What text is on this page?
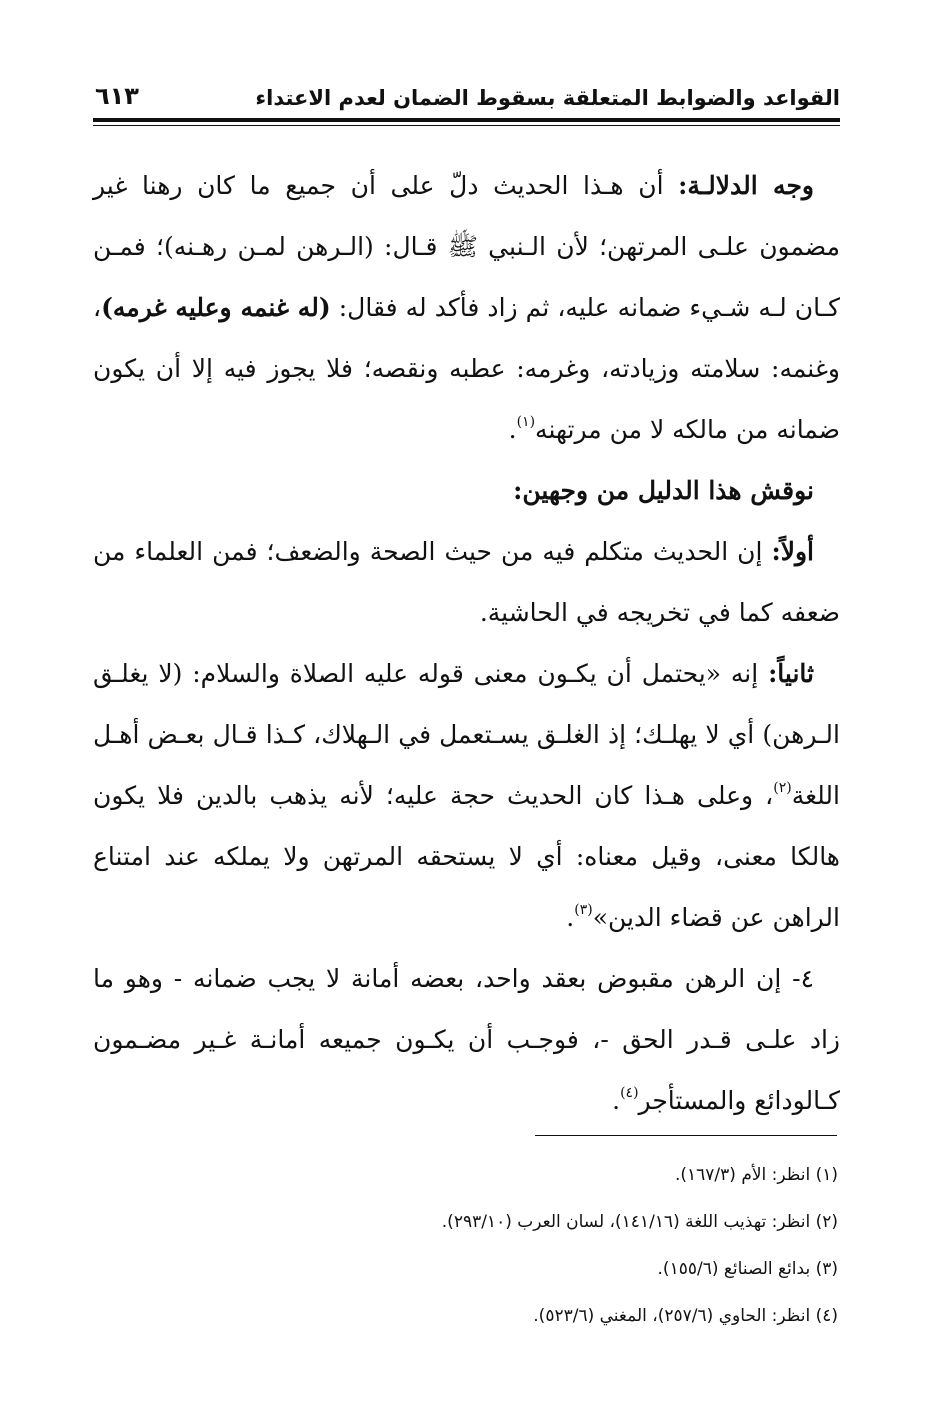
القواعد والضوابط المتعلقة بسقوط الضمان لعدم الاعتداء
٦١٣

وجه الدلالـة: أن هـذا الحديث دلّ على أن جميع ما كان رهنا غير مضمون علـى المرتهن؛ لأن الـنبي ﷺ قـال: (الـرهن لمـن رهـنه)؛ فمـن كـان لـه شـيء ضمانه عليه، ثم زاد فأكد له فقال: (له غنمه وعليه غرمه)، وغنمه: سلامته وزيادته، وغرمه: عطبه ونقصه؛ فلا يجوز فيه إلا أن يكون ضمانه من مالكه لا من مرتهنه$^{(١)}$.

نوقش هذا الدليل من وجهين:

أولاً: إن الحديث متكلم فيه من حيث الصحة والضعف؛ فمن العلماء من ضعفه كما في تخريجه في الحاشية.

ثانياً: إنه «يحتمل أن يكـون معنى قوله عليه الصلاة والسلام: (لا يغلـق الـرهن) أي لا يهلـك؛ إذ الغلـق يسـتعمل في الـهلاك، كـذا قـال بعـض أهـل اللغة$^{(٢)}$، وعلى هـذا كان الحديث حجة عليه؛ لأنه يذهب بالدين فلا يكون هالكا معنى، وقيل معناه: أي لا يستحقه المرتهن ولا يملكه عند امتناع الراهن عن قضاء الدين»$^{(٣)}$.

٤- إن الرهن مقبوض بعقد واحد، بعضه أمانة لا يجب ضمانه - وهو ما زاد علـى قـدر الحق -، فوجـب أن يكـون جميعه أمانـة غـير مضـمون كـالودائع والمستأجر$^{(٤)}$.

(١) انظر: الأم (١٦٧/٣).

(٢) انظر: تهذيب اللغة (١٤١/١٦)، لسان العرب (٢٩٣/١٠).

(٣) بدائع الصنائع (١٥٥/٦).

(٤) انظر: الحاوي (٢٥٧/٦)، المغني (٥٢٣/٦).
